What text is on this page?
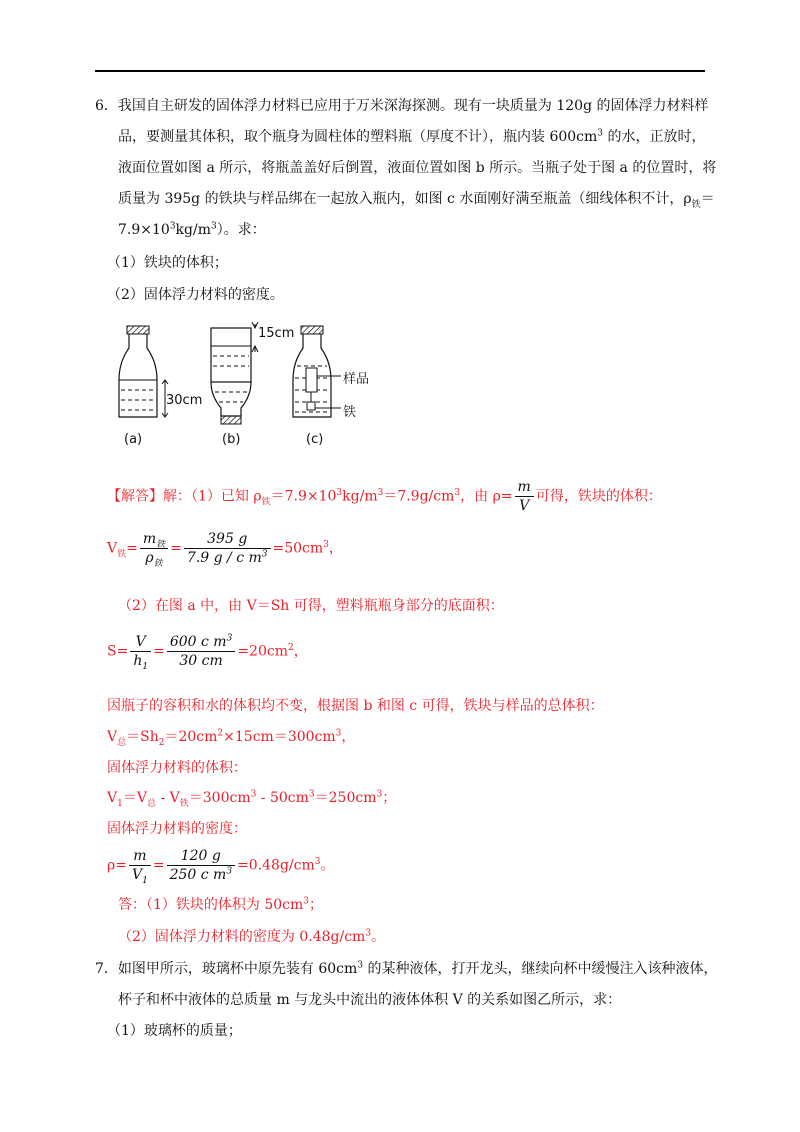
6．我国自主研发的固体浮力材料已应用于万米深海探测。现有一块质量为 120g 的固体浮力材料样
品，要测量其体积，取个瓶身为圆柱体的塑料瓶（厚度不计），瓶内装 $600cm^3$ 的水，正放时，
液面位置如图 a 所示，将瓶盖盖好后倒置，液面位置如图 b 所示。当瓶子处于图 a 的位置时，将
质量为 395g 的铁块与样品绑在一起放入瓶内，如图 c 水面刚好满至瓶盖（细线体积不计，$\rho_铁=$
$7.9\times 10^3kg/m^3$）。求：
（1）铁块的体积；
（2）固体浮力材料的密度。
30cm
15cm
样品
铁
(a)	(b)	(c)
【解答】解：（1）已知 $\rho_铁=7.9\times 10^3kg/m^3=7.9g/cm^3$，由 $\rho= \frac{m}{V}$ 可得，铁块的体积：
$V_铁= \frac{m_铁}{\rho_铁} = \frac{395 g}{7.9 g / c m^3} =50cm^3$，
（2）在图 a 中，由 V＝Sh 可得，塑料瓶瓶身部分的底面积：
$S= \frac{V}{h_1} = \frac{600 c m^3}{30 cm} =20cm^2$，
因瓶子的容积和水的体积均不变，根据图 b 和图 c 可得，铁块与样品的总体积：
$V_总=Sh_2=20cm^2\times 15cm=300cm^3$，
固体浮力材料的体积：
$V_1=V_总 - V_铁=300cm^3 - 50cm^3=250cm^3$；
固体浮力材料的密度：
$\rho= \frac{m}{V_1} = \frac{120 g}{250 c m^3} =0.48g/cm^3$。
答：（1）铁块的体积为 $50cm^3$；
（2）固体浮力材料的密度为 $0.48g/cm^3$。
7．如图甲所示，玻璃杯中原先装有 $60cm^3$ 的某种液体，打开龙头，继续向杯中缓慢注入该种液体，
杯子和杯中液体的总质量 m 与龙头中流出的液体体积 V 的关系如图乙所示，求：
（1）玻璃杯的质量；
